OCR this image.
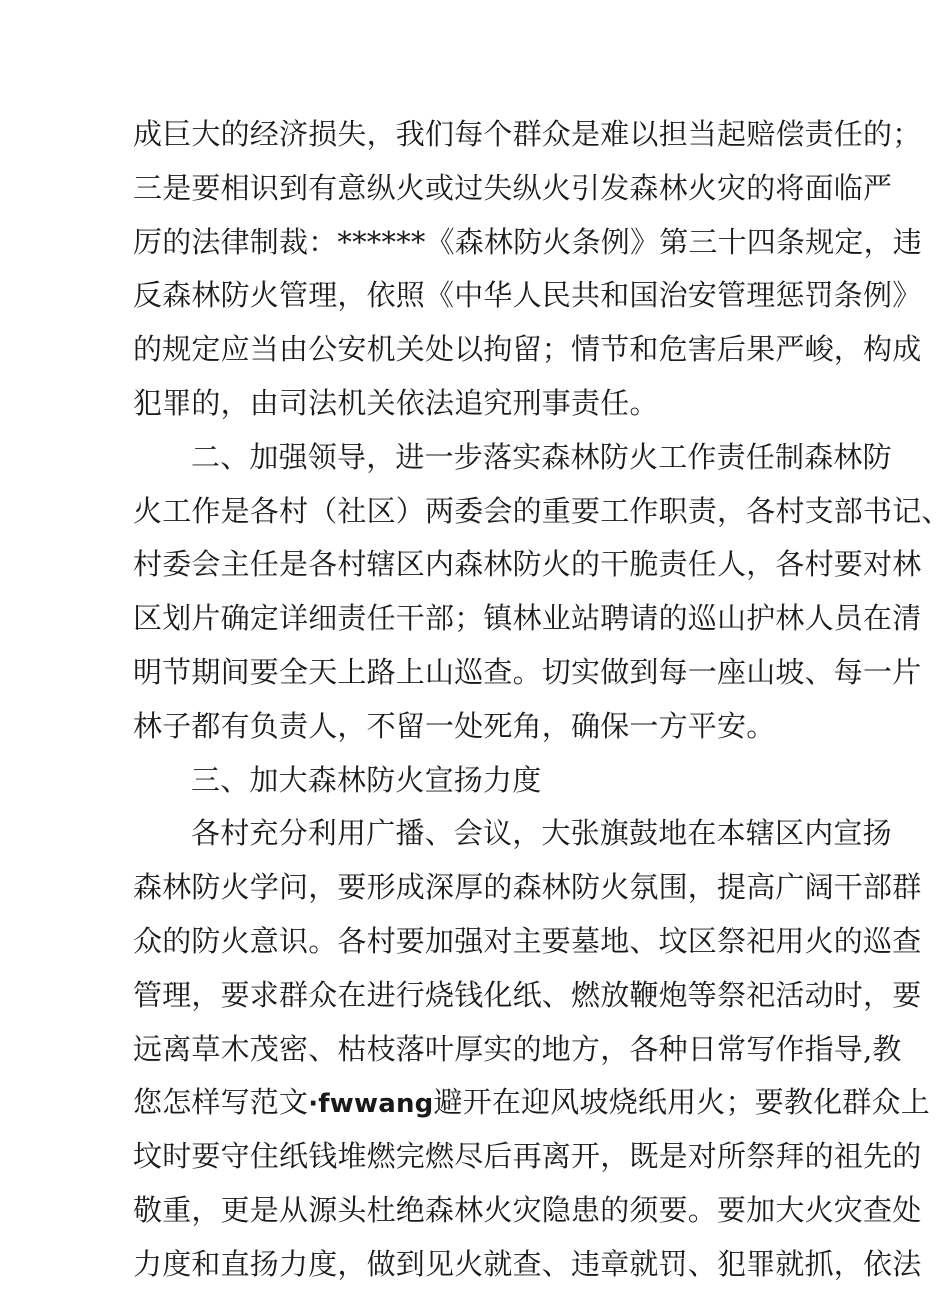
成巨大的经济损失，我们每个群众是难以担当起赔偿责任的；
三是要相识到有意纵火或过失纵火引发森林火灾的将面临严
厉的法律制裁：******《森林防火条例》第三十四条规定，违
反森林防火管理，依照《中华人民共和国治安管理惩罚条例》
的规定应当由公安机关处以拘留；情节和危害后果严峻，构成
犯罪的，由司法机关依法追究刑事责任。
二、加强领导，进一步落实森林防火工作责任制森林防
火工作是各村（社区）两委会的重要工作职责，各村支部书记、
村委会主任是各村辖区内森林防火的干脆责任人，各村要对林
区划片确定详细责任干部；镇林业站聘请的巡山护林人员在清
明节期间要全天上路上山巡查。切实做到每一座山坡、每一片
林子都有负责人，不留一处死角，确保一方平安。
三、加大森林防火宣扬力度
各村充分利用广播、会议，大张旗鼓地在本辖区内宣扬
森林防火学问，要形成深厚的森林防火氛围，提高广阔干部群
众的防火意识。各村要加强对主要墓地、坟区祭祀用火的巡查
管理，要求群众在进行烧钱化纸、燃放鞭炮等祭祀活动时，要
远离草木茂密、枯枝落叶厚实的地方，各种日常写作指导,教
您怎样写范文·fwwang避开在迎风坡烧纸用火；要教化群众上
坟时要守住纸钱堆燃完燃尽后再离开，既是对所祭拜的祖先的
敬重，更是从源头杜绝森林火灾隐患的须要。要加大火灾查处
力度和直扬力度，做到见火就查、违章就罚、犯罪就抓，依法
